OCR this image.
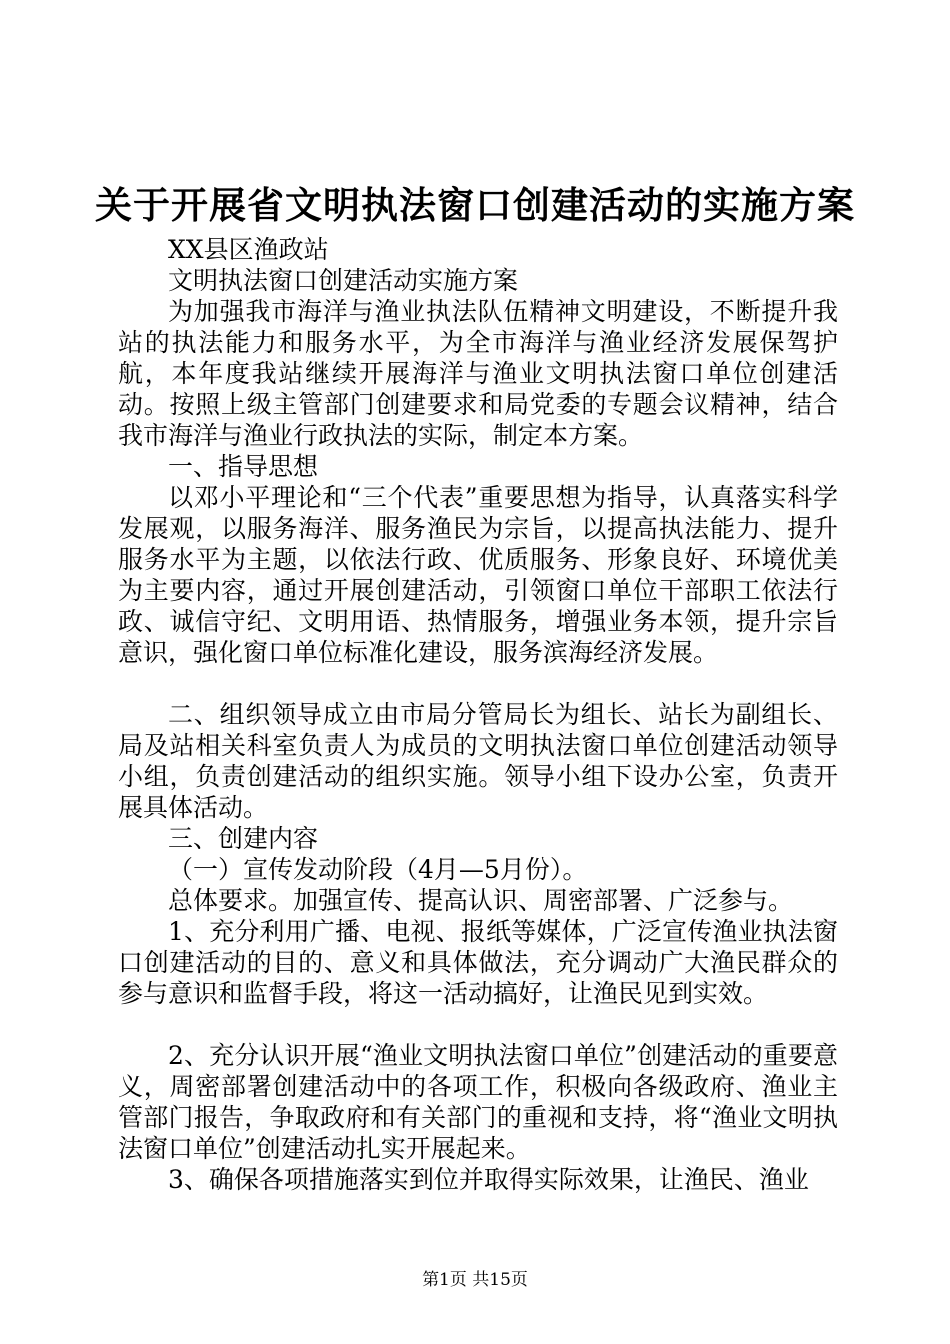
关于开展省文明执法窗口创建活动的实施方案

XX县区渔政站

文明执法窗口创建活动实施方案

为加强我市海洋与渔业执法队伍精神文明建设，不断提升我站的执法能力和服务水平，为全市海洋与渔业经济发展保驾护航，本年度我站继续开展海洋与渔业文明执法窗口单位创建活动。按照上级主管部门创建要求和局党委的专题会议精神，结合我市海洋与渔业行政执法的实际，制定本方案。

一、指导思想

以邓小平理论和“三个代表”重要思想为指导，认真落实科学发展观，以服务海洋、服务渔民为宗旨，以提高执法能力、提升服务水平为主题，以依法行政、优质服务、形象良好、环境优美为主要内容，通过开展创建活动，引领窗口单位干部职工依法行政、诚信守纪、文明用语、热情服务，增强业务本领，提升宗旨意识，强化窗口单位标准化建设，服务滨海经济发展。

二、组织领导成立由市局分管局长为组长、站长为副组长、局及站相关科室负责人为成员的文明执法窗口单位创建活动领导小组，负责创建活动的组织实施。领导小组下设办公室，负责开展具体活动。

三、创建内容

（一）宣传发动阶段（4月—5月份）。

总体要求。加强宣传、提高认识、周密部署、广泛参与。

1、充分利用广播、电视、报纸等媒体，广泛宣传渔业执法窗口创建活动的目的、意义和具体做法，充分调动广大渔民群众的参与意识和监督手段，将这一活动搞好，让渔民见到实效。

2、充分认识开展“渔业文明执法窗口单位”创建活动的重要意义，周密部署创建活动中的各项工作，积极向各级政府、渔业主管部门报告，争取政府和有关部门的重视和支持，将“渔业文明执法窗口单位”创建活动扎实开展起来。

3、确保各项措施落实到位并取得实际效果，让渔民、渔业

第1页 共15页
